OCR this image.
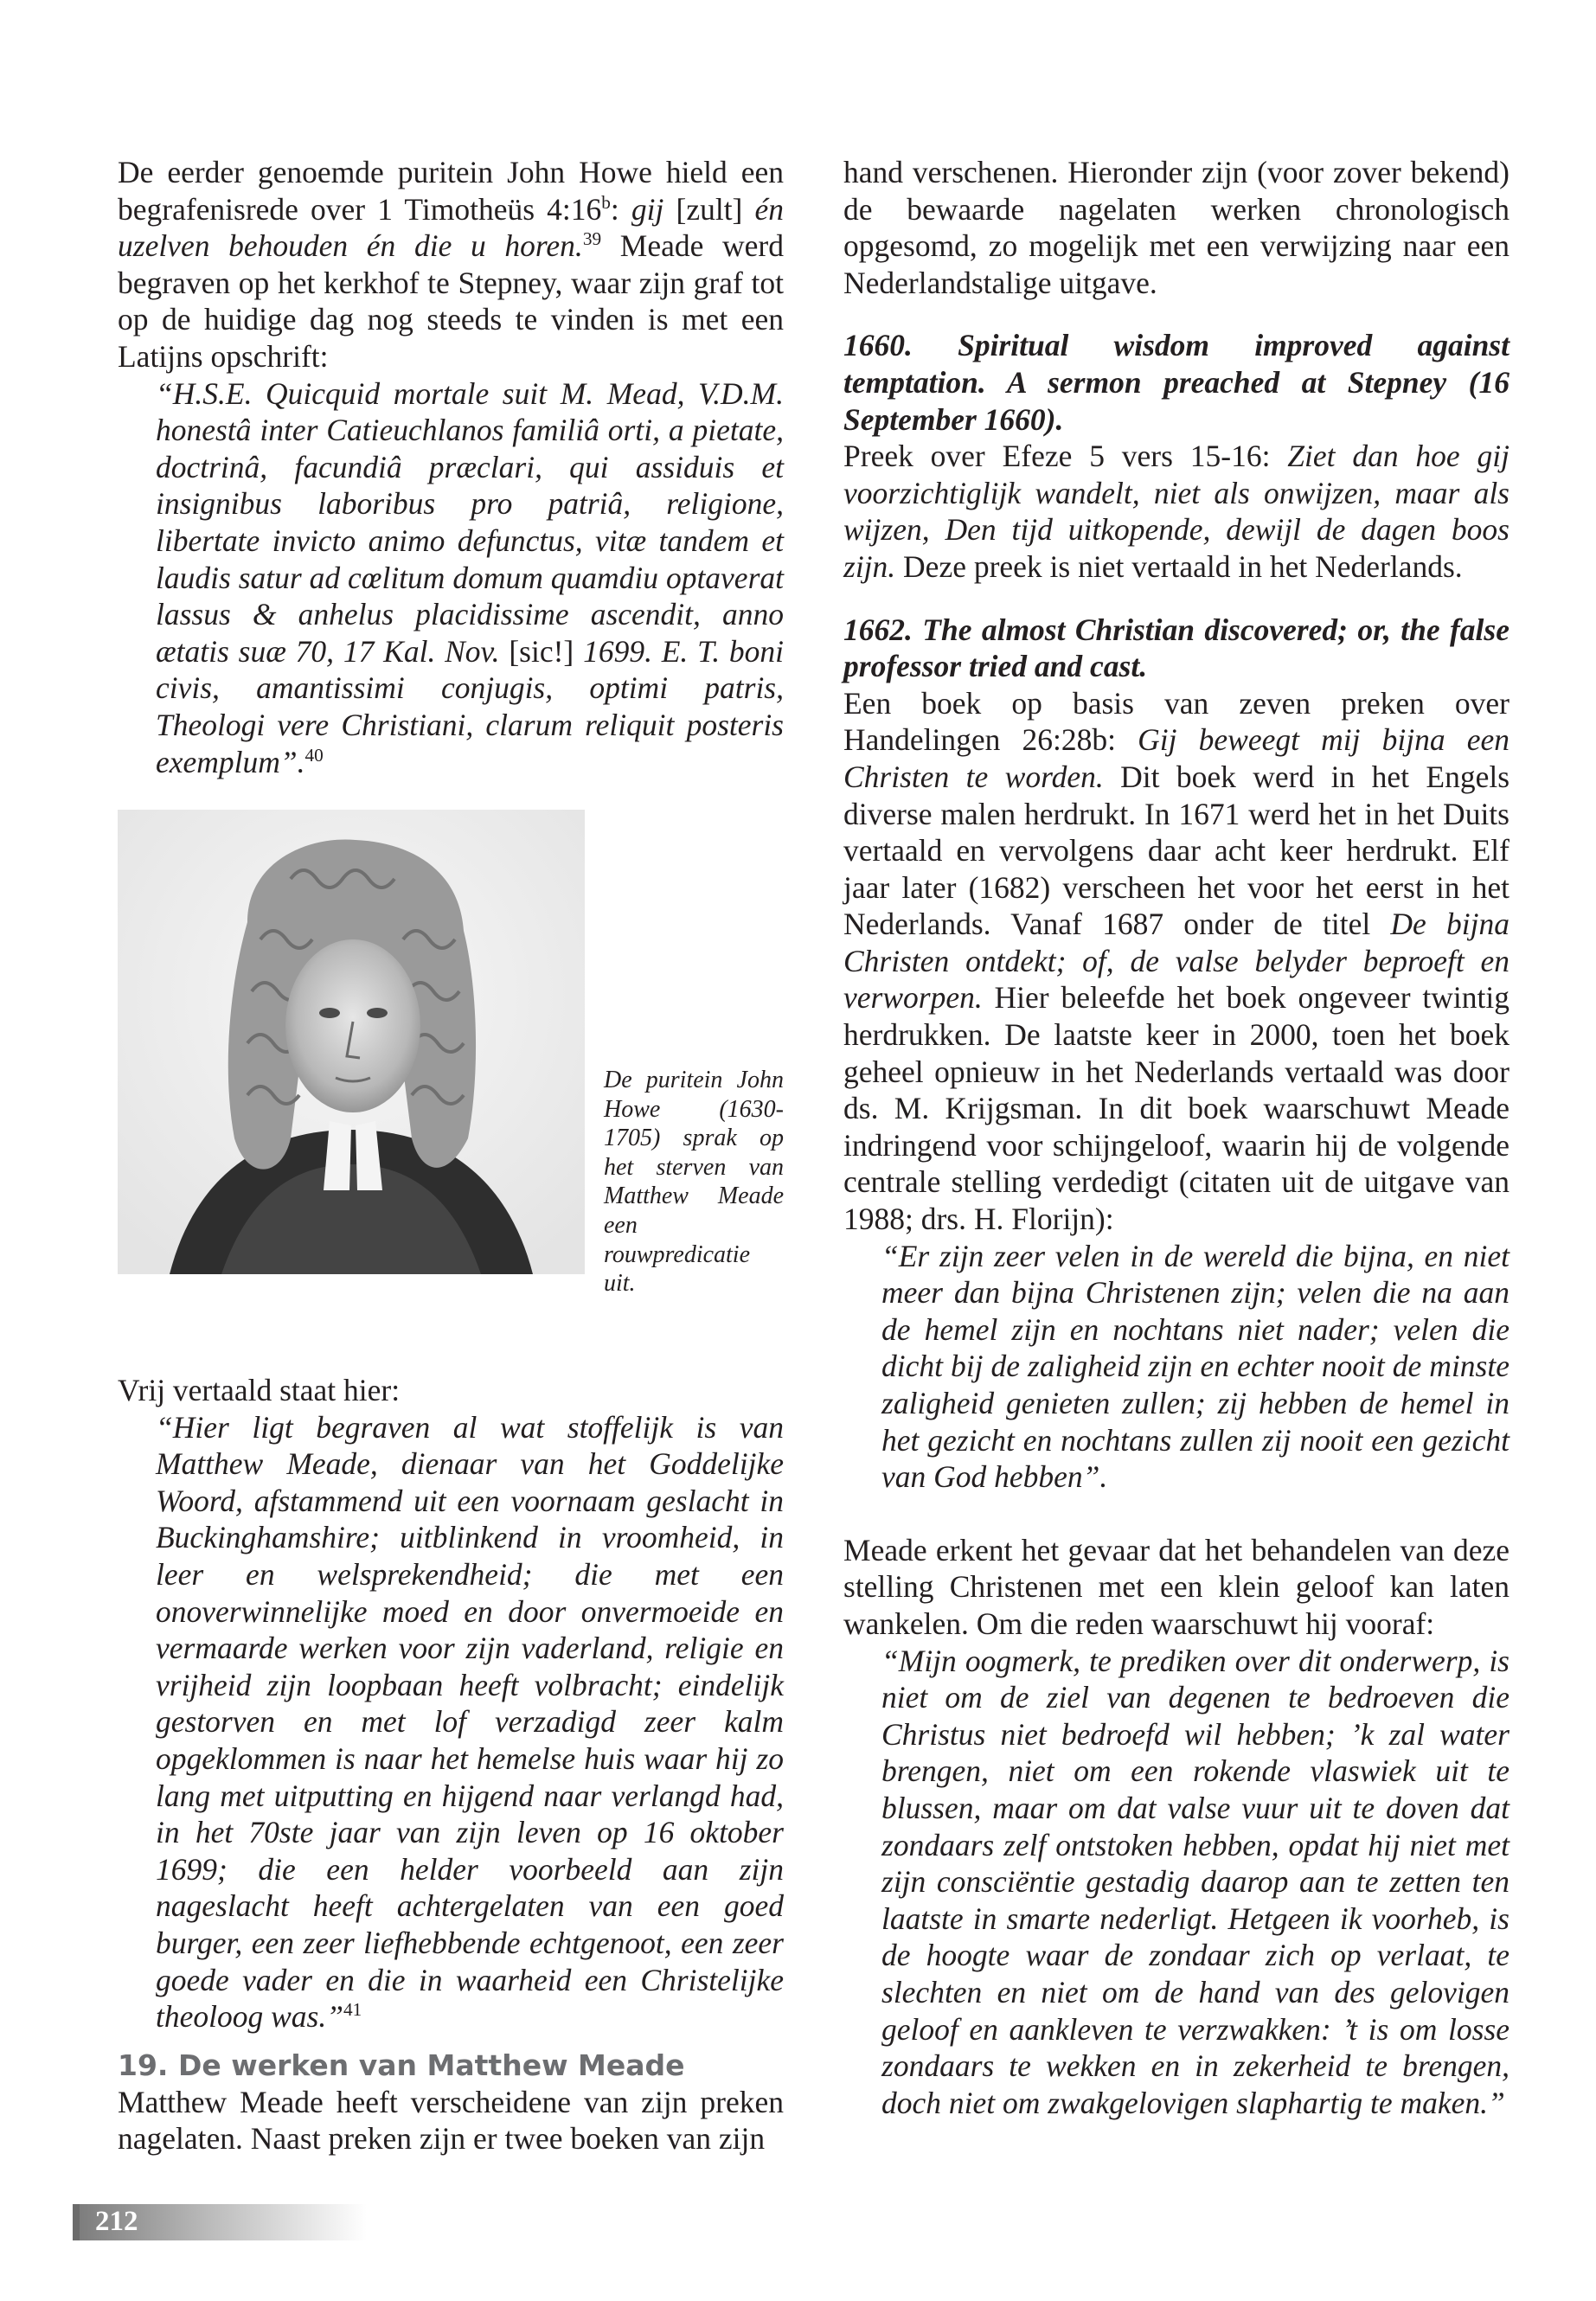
De eerder genoemde puritein John Howe hield een begrafenisrede over 1 Timotheüs 4:16$^b$: gij [zult] én uzelven behouden én die u horen.$^{39}$ Meade werd begraven op het kerkhof te Stepney, waar zijn graf tot op de huidige dag nog steeds te vinden is met een Latijns opschrift:

“H.S.E. Quicquid mortale suit M. Mead, V.D.M. honestâ inter Catieuchlanos familiâ orti, a pietate, doctrinâ, facundiâ præclari, qui assiduis et insignibus laboribus pro patriâ, religione, libertate invicto animo defunctus, vitæ tandem et laudis satur ad cœlitum domum quamdiu optaverat lassus & anhelus placidissime ascendit, anno ætatis suæ 70, 17 Kal. Nov. [sic!] 1699. E. T. boni civis, amantissimi conjugis, optimi patris, Theologi vere Christiani, clarum reliquit posteris exemplum”.$^{40}$

De puritein John Howe (1630-1705) sprak op het sterven van Matthew Meade een rouwpredicatie uit.

Vrij vertaald staat hier:

“Hier ligt begraven al wat stoffelijk is van Matthew Meade, dienaar van het Goddelijke Woord, afstammend uit een voornaam geslacht in Buckinghamshire; uitblinkend in vroomheid, in leer en welsprekendheid; die met een onoverwinnelijke moed en door onvermoeide en vermaarde werken voor zijn vaderland, religie en vrijheid zijn loopbaan heeft volbracht; eindelijk gestorven en met lof verzadigd zeer kalm opgeklommen is naar het hemelse huis waar hij zo lang met uitputting en hijgend naar verlangd had, in het 70ste jaar van zijn leven op 16 oktober 1699; die een helder voorbeeld aan zijn nageslacht heeft achtergelaten van een goed burger, een zeer liefhebbende echtgenoot, een zeer goede vader en die in waarheid een Christelijke theoloog was.”$^{41}$

19. De werken van Matthew Meade

Matthew Meade heeft verscheidene van zijn preken nagelaten. Naast preken zijn er twee boeken van zijn

hand verschenen. Hieronder zijn (voor zover bekend) de bewaarde nagelaten werken chronologisch opgesomd, zo mogelijk met een verwijzing naar een Nederlandstalige uitgave.

1660. Spiritual wisdom improved against temptation. A sermon preached at Stepney (16 September 1660).

Preek over Efeze 5 vers 15-16: Ziet dan hoe gij voorzichtiglijk wandelt, niet als onwijzen, maar als wijzen, Den tijd uitkopende, dewijl de dagen boos zijn. Deze preek is niet vertaald in het Nederlands.

1662. The almost Christian discovered; or, the false professor tried and cast.

Een boek op basis van zeven preken over Handelingen 26:28b: Gij beweegt mij bijna een Christen te worden. Dit boek werd in het Engels diverse malen herdrukt. In 1671 werd het in het Duits vertaald en vervolgens daar acht keer herdrukt. Elf jaar later (1682) verscheen het voor het eerst in het Nederlands. Vanaf 1687 onder de titel De bijna Christen ontdekt; of, de valse belyder beproeft en verworpen. Hier beleefde het boek ongeveer twintig herdrukken. De laatste keer in 2000, toen het boek geheel opnieuw in het Nederlands vertaald was door ds. M. Krijgsman. In dit boek waarschuwt Meade indringend voor schijngeloof, waarin hij de volgende centrale stelling verdedigt (citaten uit de uitgave van 1988; drs. H. Florijn):

“Er zijn zeer velen in de wereld die bijna, en niet meer dan bijna Christenen zijn; velen die na aan de hemel zijn en nochtans niet nader; velen die dicht bij de zaligheid zijn en echter nooit de minste zaligheid genieten zullen; zij hebben de hemel in het gezicht en nochtans zullen zij nooit een gezicht van God hebben”.

Meade erkent het gevaar dat het behandelen van deze stelling Christenen met een klein geloof kan laten wankelen. Om die reden waarschuwt hij vooraf:

“Mijn oogmerk, te prediken over dit onderwerp, is niet om de ziel van degenen te bedroeven die Christus niet bedroefd wil hebben; ’k zal water brengen, niet om een rokende vlaswiek uit te blussen, maar om dat valse vuur uit te doven dat zondaars zelf ontstoken hebben, opdat hij niet met zijn consciëntie gestadig daarop aan te zetten ten laatste in smarte nederligt. Hetgeen ik voorheb, is de hoogte waar de zondaar zich op verlaat, te slechten en niet om de hand van des gelovigen geloof en aankleven te verzwakken: ’t is om losse zondaars te wekken en in zekerheid te brengen, doch niet om zwakgelovigen slaphartig te maken.”

212
